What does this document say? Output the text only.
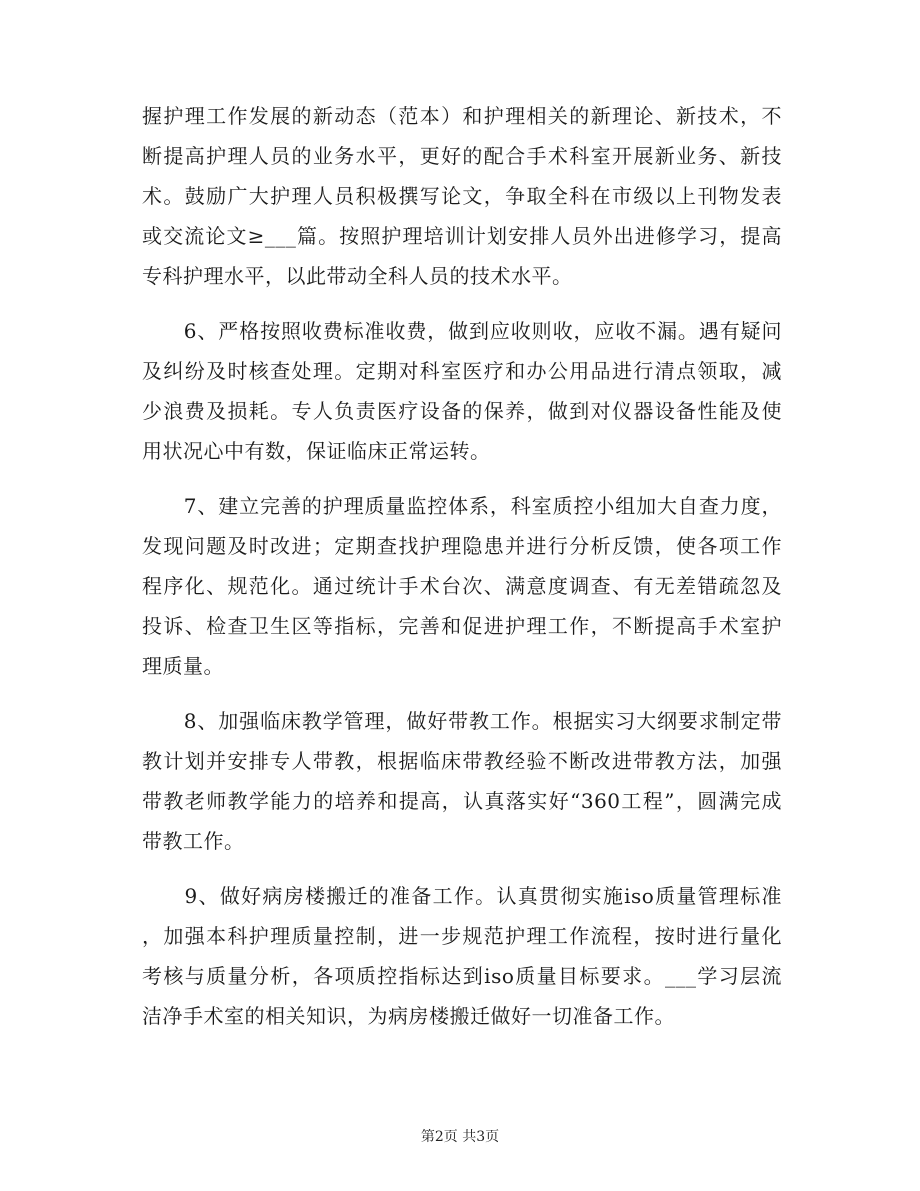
握护理工作发展的新动态（范本）和护理相关的新理论、新技术，不
断提高护理人员的业务水平，更好的配合手术科室开展新业务、新技
术。鼓励广大护理人员积极撰写论文，争取全科在市级以上刊物发表
或交流论文≥___篇。按照护理培训计划安排人员外出进修学习，提高
专科护理水平，以此带动全科人员的技术水平。
　　6、严格按照收费标准收费，做到应收则收，应收不漏。遇有疑问
及纠纷及时核查处理。定期对科室医疗和办公用品进行清点领取，减
少浪费及损耗。专人负责医疗设备的保养，做到对仪器设备性能及使
用状况心中有数，保证临床正常运转。
　　7、建立完善的护理质量监控体系，科室质控小组加大自查力度，
发现问题及时改进；定期查找护理隐患并进行分析反馈，使各项工作
程序化、规范化。通过统计手术台次、满意度调查、有无差错疏忽及
投诉、检查卫生区等指标，完善和促进护理工作，不断提高手术室护
理质量。
　　8、加强临床教学管理，做好带教工作。根据实习大纲要求制定带
教计划并安排专人带教，根据临床带教经验不断改进带教方法，加强
带教老师教学能力的培养和提高，认真落实好“360工程”，圆满完成
带教工作。
　　9、做好病房楼搬迁的准备工作。认真贯彻实施iso质量管理标准
，加强本科护理质量控制，进一步规范护理工作流程，按时进行量化
考核与质量分析，各项质控指标达到iso质量目标要求。___学习层流
洁净手术室的相关知识，为病房楼搬迁做好一切准备工作。
第2页 共3页
